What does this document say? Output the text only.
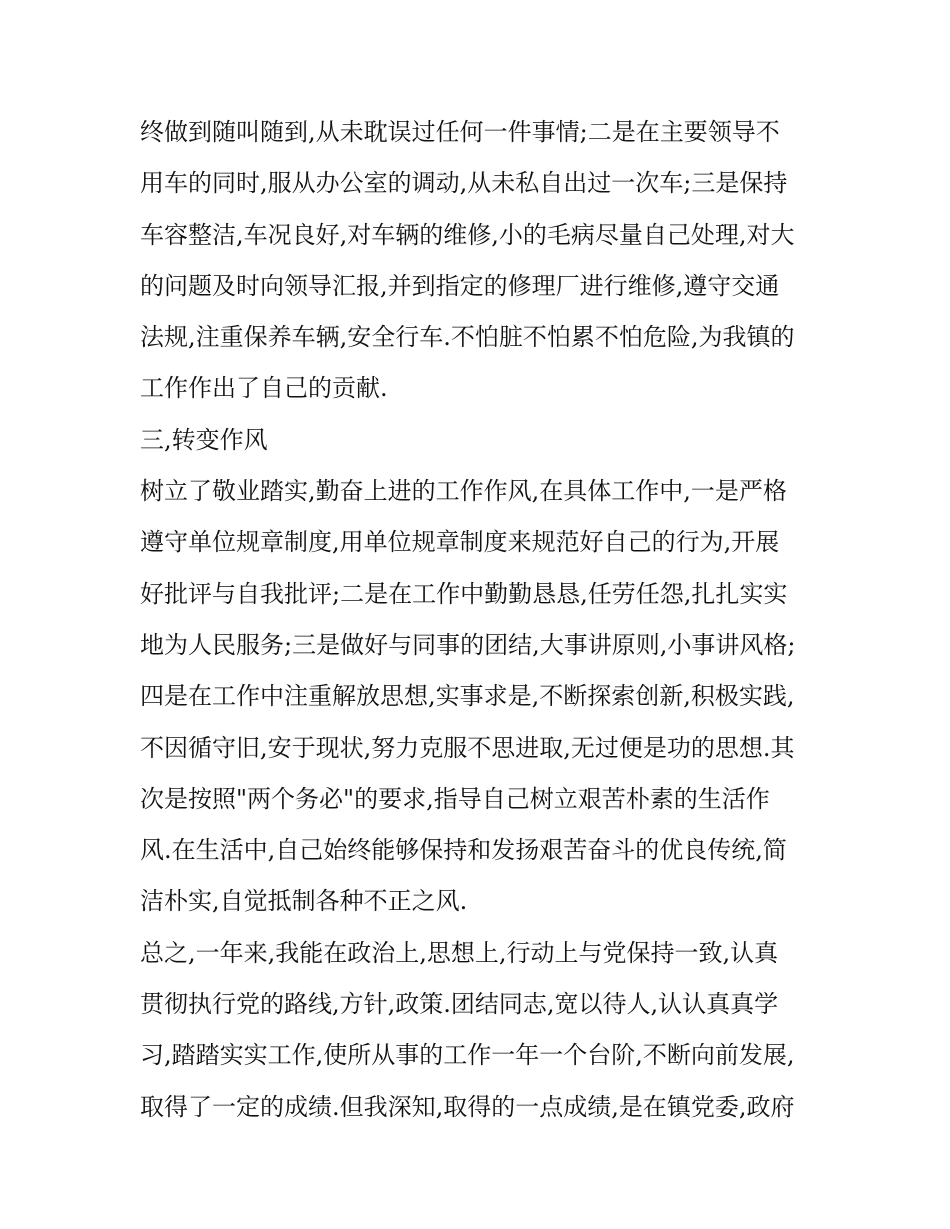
终做到随叫随到,从未耽误过任何一件事情;二是在主要领导不
用车的同时,服从办公室的调动,从未私自出过一次车;三是保持
车容整洁,车况良好,对车辆的维修,小的毛病尽量自己处理,对大
的问题及时向领导汇报,并到指定的修理厂进行维修,遵守交通
法规,注重保养车辆,安全行车.不怕脏不怕累不怕危险,为我镇的
工作作出了自己的贡献.
三,转变作风
树立了敬业踏实,勤奋上进的工作作风,在具体工作中,一是严格
遵守单位规章制度,用单位规章制度来规范好自己的行为,开展
好批评与自我批评;二是在工作中勤勤恳恳,任劳任怨,扎扎实实
地为人民服务;三是做好与同事的团结,大事讲原则,小事讲风格;
四是在工作中注重解放思想,实事求是,不断探索创新,积极实践,
不因循守旧,安于现状,努力克服不思进取,无过便是功的思想.其
次是按照"两个务必"的要求,指导自己树立艰苦朴素的生活作
风.在生活中,自己始终能够保持和发扬艰苦奋斗的优良传统,简
洁朴实,自觉抵制各种不正之风.
总之,一年来,我能在政治上,思想上,行动上与党保持一致,认真
贯彻执行党的路线,方针,政策.团结同志,宽以待人,认认真真学
习,踏踏实实工作,使所从事的工作一年一个台阶,不断向前发展,
取得了一定的成绩.但我深知,取得的一点成绩,是在镇党委,政府
